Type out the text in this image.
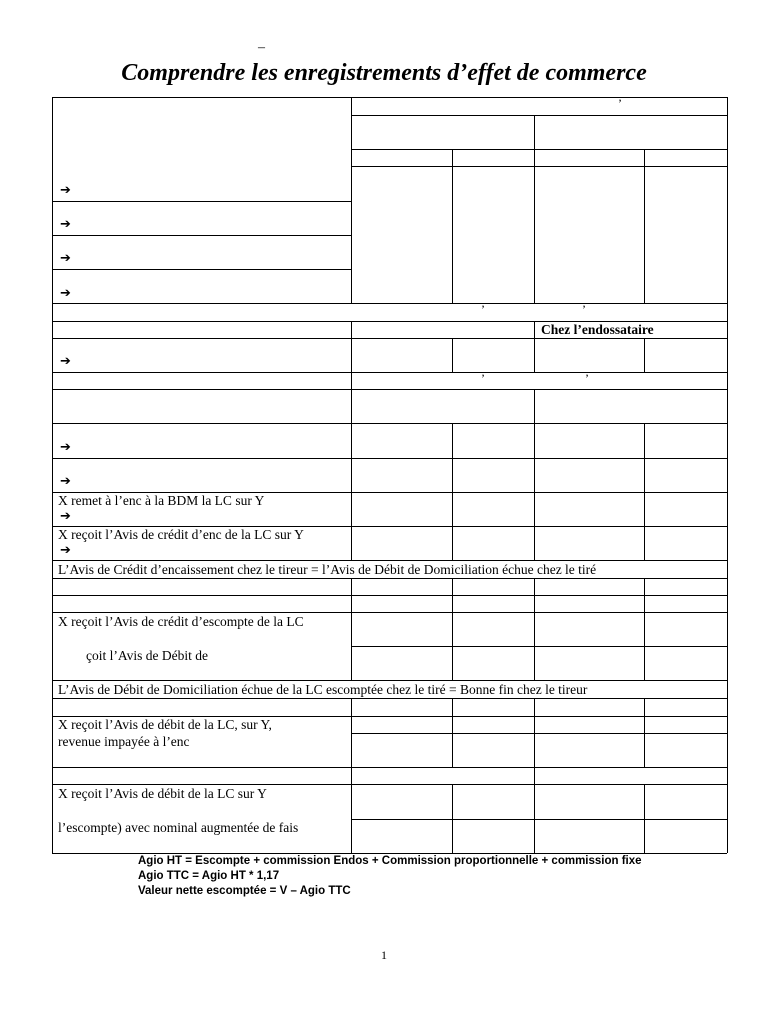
–
Comprendre les enregistrements d’effet de commerce
’
’	’
’	’
Chez l’endossataire
➔
➔
➔
➔
➔
➔
➔
➔
➔
X remet à l’enc à la BDM la LC sur Y
X reçoit l’Avis de crédit d’enc de la LC sur Y
L’Avis de Crédit d’encaissement chez le tireur = l’Avis de Débit de Domiciliation échue chez le tiré
X reçoit l’Avis de crédit d’escompte de la LC
çoit l’Avis de Débit de
L’Avis de Débit de Domiciliation échue de la LC escomptée chez le tiré = Bonne fin chez le tireur
X reçoit l’Avis de débit de la LC, sur Y,
revenue impayée à l’enc
X reçoit l’Avis de débit de la LC sur Y
l’escompte) avec nominal augmentée de fais
Agio HT = Escompte + commission Endos + Commission proportionnelle + commission fixe
Agio TTC = Agio HT * 1,17
Valeur nette escomptée = V – Agio TTC
1
